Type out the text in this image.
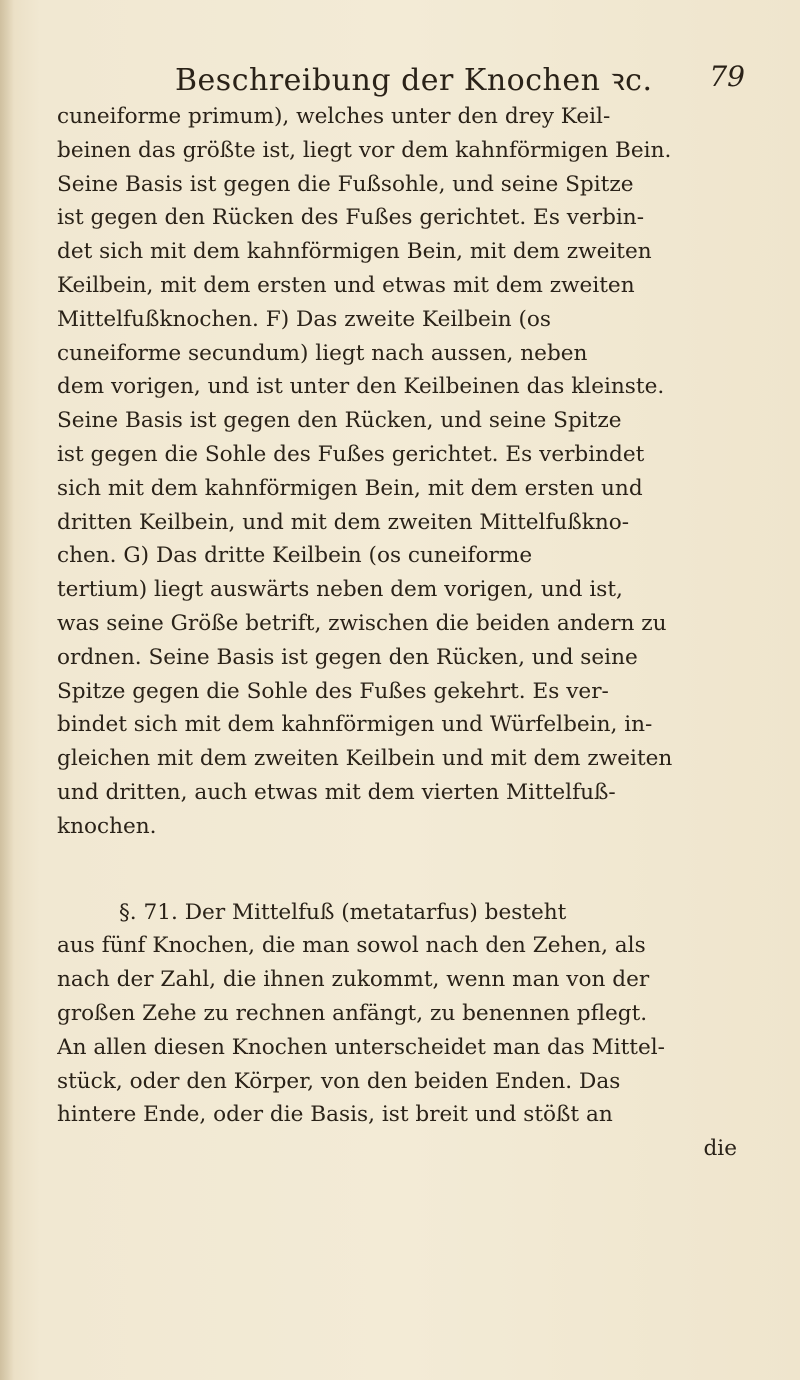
Beschreibung der Knochen ꝛc. 79
cuneiforme primum), welches unter den drey Keil-
beinen das größte ist, liegt vor dem kahnförmigen Bein.
Seine Basis ist gegen die Fußsohle, und seine Spitze
ist gegen den Rücken des Fußes gerichtet. Es verbin-
det sich mit dem kahnförmigen Bein, mit dem zweiten
Keilbein, mit dem ersten und etwas mit dem zweiten
Mittelfußknochen. F) Das zweite Keilbein (os
cuneiforme secundum) liegt nach aussen, neben
dem vorigen, und ist unter den Keilbeinen das kleinste.
Seine Basis ist gegen den Rücken, und seine Spitze
ist gegen die Sohle des Fußes gerichtet. Es verbindet
sich mit dem kahnförmigen Bein, mit dem ersten und
dritten Keilbein, und mit dem zweiten Mittelfußkno-
chen. G) Das dritte Keilbein (os cuneiforme
tertium) liegt auswärts neben dem vorigen, und ist,
was seine Größe betrift, zwischen die beiden andern zu
ordnen. Seine Basis ist gegen den Rücken, und seine
Spitze gegen die Sohle des Fußes gekehrt. Es ver-
bindet sich mit dem kahnförmigen und Würfelbein, in-
gleichen mit dem zweiten Keilbein und mit dem zweiten
und dritten, auch etwas mit dem vierten Mittelfuß-
knochen.
§. 71. Der Mittelfuß (metatarfus) besteht
aus fünf Knochen, die man sowol nach den Zehen, als
nach der Zahl, die ihnen zukommt, wenn man von der
großen Zehe zu rechnen anfängt, zu benennen pflegt.
An allen diesen Knochen unterscheidet man das Mittel-
stück, oder den Körper, von den beiden Enden. Das
hintere Ende, oder die Basis, ist breit und stößt an
die
